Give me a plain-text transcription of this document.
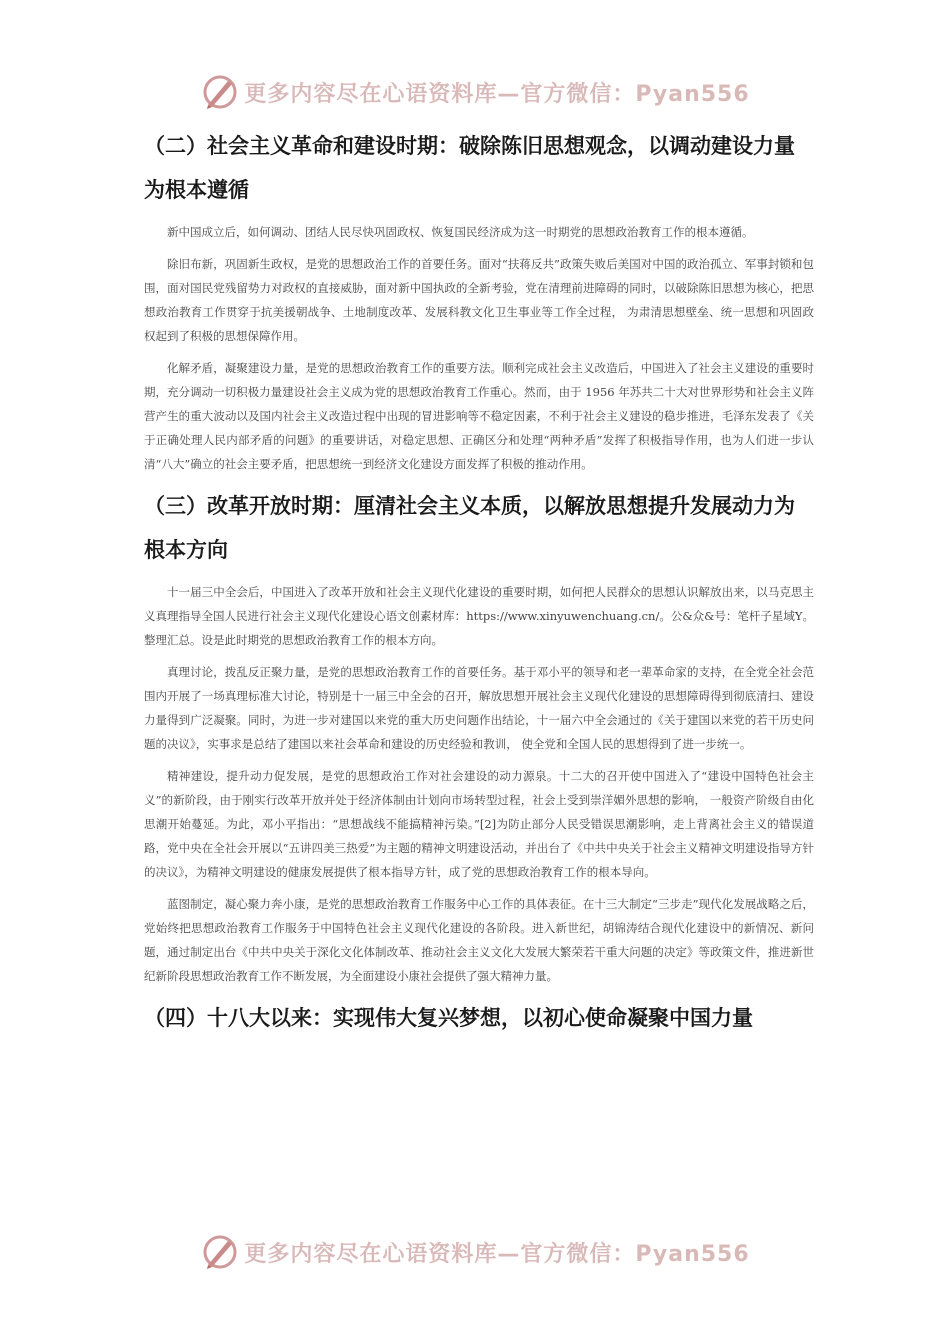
更多内容尽在心语资料库—官方微信：Pyan556
（二）社会主义革命和建设时期：破除陈旧思想观念，以调动建设力量为根本遵循

新中国成立后，如何调动、团结人民尽快巩固政权、恢复国民经济成为这一时期党的思想政治教育工作的根本遵循。

除旧布新，巩固新生政权，是党的思想政治工作的首要任务。面对“扶蒋反共”政策失败后美国对中国的政治孤立、军事封锁和包围，面对国民党残留势力对政权的直接威胁，面对新中国执政的全新考验，党在清理前进障碍的同时，以破除陈旧思想为核心，把思想政治教育工作贯穿于抗美援朝战争、土地制度改革、发展科教文化卫生事业等工作全过程， 为肃清思想壁垒、统一思想和巩固政权起到了积极的思想保障作用。

化解矛盾，凝聚建设力量，是党的思想政治教育工作的重要方法。顺利完成社会主义改造后，中国进入了社会主义建设的重要时期，充分调动一切积极力量建设社会主义成为党的思想政治教育工作重心。然而，由于 1956 年苏共二十大对世界形势和社会主义阵营产生的重大波动以及国内社会主义改造过程中出现的冒进影响等不稳定因素，不利于社会主义建设的稳步推进，毛泽东发表了《关于正确处理人民内部矛盾的问题》的重要讲话，对稳定思想、正确区分和处理“两种矛盾”发挥了积极指导作用，也为人们进一步认清“八大”确立的社会主要矛盾，把思想统一到经济文化建设方面发挥了积极的推动作用。

（三）改革开放时期：厘清社会主义本质，以解放思想提升发展动力为根本方向

十一届三中全会后，中国进入了改革开放和社会主义现代化建设的重要时期，如何把人民群众的思想认识解放出来，以马克思主义真理指导全国人民进行社会主义现代化建设心语文创素材库：https://www.xinyuwenchuang.cn/。公&众&号：笔杆子星域Y。整理汇总。设是此时期党的思想政治教育工作的根本方向。

真理讨论，拨乱反正聚力量，是党的思想政治教育工作的首要任务。基于邓小平的领导和老一辈革命家的支持，在全党全社会范围内开展了一场真理标准大讨论，特别是十一届三中全会的召开，解放思想开展社会主义现代化建设的思想障碍得到彻底清扫、建设力量得到广泛凝聚。同时，为进一步对建国以来党的重大历史问题作出结论，十一届六中全会通过的《关于建国以来党的若干历史问题的决议》，实事求是总结了建国以来社会革命和建设的历史经验和教训， 使全党和全国人民的思想得到了进一步统一。

精神建设，提升动力促发展，是党的思想政治工作对社会建设的动力源泉。十二大的召开使中国进入了“建设中国特色社会主义”的新阶段，由于刚实行改革开放并处于经济体制由计划向市场转型过程，社会上受到崇洋媚外思想的影响， 一般资产阶级自由化思潮开始蔓延。为此，邓小平指出：“思想战线不能搞精神污染。”[2]为防止部分人民受错误思潮影响，走上背离社会主义的错误道路，党中央在全社会开展以“五讲四美三热爱”为主题的精神文明建设活动，并出台了《中共中央关于社会主义精神文明建设指导方针的决议》，为精神文明建设的健康发展提供了根本指导方针，成了党的思想政治教育工作的根本导向。

蓝图制定，凝心聚力奔小康，是党的思想政治教育工作服务中心工作的具体表征。在十三大制定“三步走”现代化发展战略之后，党始终把思想政治教育工作服务于中国特色社会主义现代化建设的各阶段。进入新世纪，胡锦涛结合现代化建设中的新情况、新问题，通过制定出台《中共中央关于深化文化体制改革、推动社会主义文化大发展大繁荣若干重大问题的决定》等政策文件，推进新世纪新阶段思想政治教育工作不断发展，为全面建设小康社会提供了强大精神力量。

（四）十八大以来：实现伟大复兴梦想，以初心使命凝聚中国力量
更多内容尽在心语资料库—官方微信：Pyan556
